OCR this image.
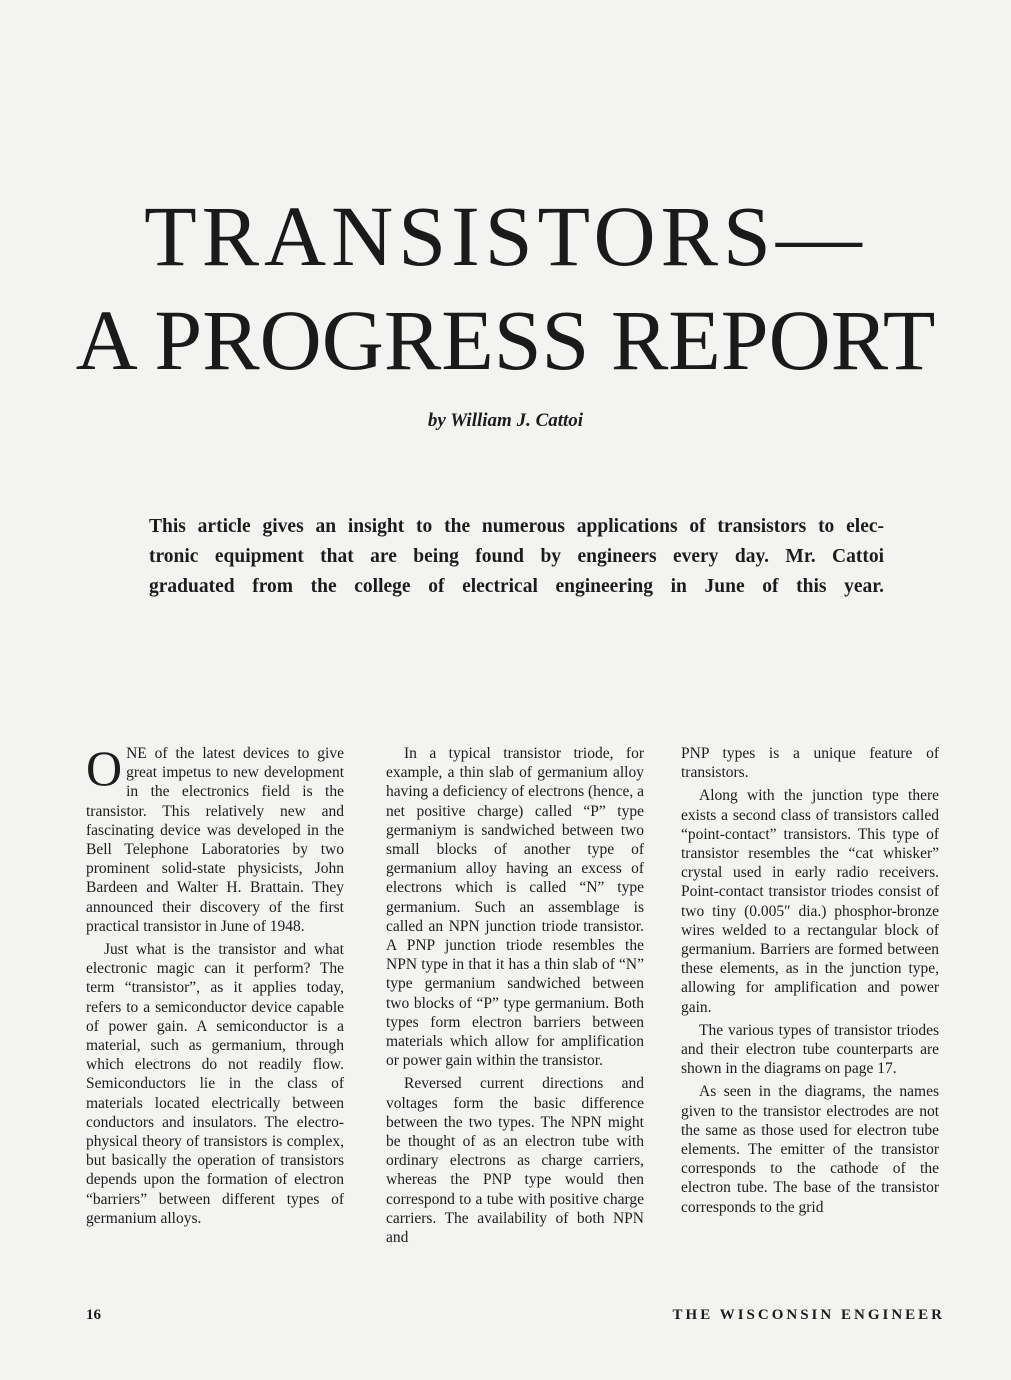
TRANSISTORS—
A PROGRESS REPORT
by William J. Cattoi
This article gives an insight to the numerous applications of transistors to elec-
tronic equipment that are being found by engineers every day. Mr. Cattoi
graduated from the college of electrical engineering in June of this year.

ONE of the latest devices to give great impetus to new development in the electronics field is the transistor. This relatively new and fascinating device was developed in the Bell Telephone Laboratories by two prominent solid-state physicists, John Bardeen and Walter H. Brattain. They announced their discovery of the first practical transistor in June of 1948.

Just what is the transistor and what electronic magic can it perform? The term “transistor”, as it applies today, refers to a semiconductor device capable of power gain. A semiconductor is a material, such as germanium, through which electrons do not readily flow. Semiconductors lie in the class of materials located electrically between conductors and insulators. The electro-physical theory of transistors is complex, but basically the operation of transistors depends upon the formation of electron “barriers” between different types of germanium alloys.

In a typical transistor triode, for example, a thin slab of germanium alloy having a deficiency of electrons (hence, a net positive charge) called “P” type germaniym is sandwiched between two small blocks of another type of germanium alloy having an excess of electrons which is called “N” type germanium. Such an assemblage is called an NPN junction triode transistor. A PNP junction triode resembles the NPN type in that it has a thin slab of “N” type germanium sandwiched between two blocks of “P” type germanium. Both types form electron barriers between materials which allow for amplification or power gain within the transistor.

Reversed current directions and voltages form the basic difference between the two types. The NPN might be thought of as an electron tube with ordinary electrons as charge carriers, whereas the PNP type would then correspond to a tube with positive charge carriers. The availability of both NPN and

PNP types is a unique feature of transistors.

Along with the junction type there exists a second class of transistors called “point-contact” transistors. This type of transistor resembles the “cat whisker” crystal used in early radio receivers. Point-contact transistor triodes consist of two tiny (0.005″ dia.) phosphor-bronze wires welded to a rectangular block of germanium. Barriers are formed between these elements, as in the junction type, allowing for amplification and power gain.

The various types of transistor triodes and their electron tube counterparts are shown in the diagrams on page 17.

As seen in the diagrams, the names given to the transistor electrodes are not the same as those used for electron tube elements. The emitter of the transistor corresponds to the cathode of the electron tube. The base of the transistor corresponds to the grid

16	THE WISCONSIN ENGINEER
